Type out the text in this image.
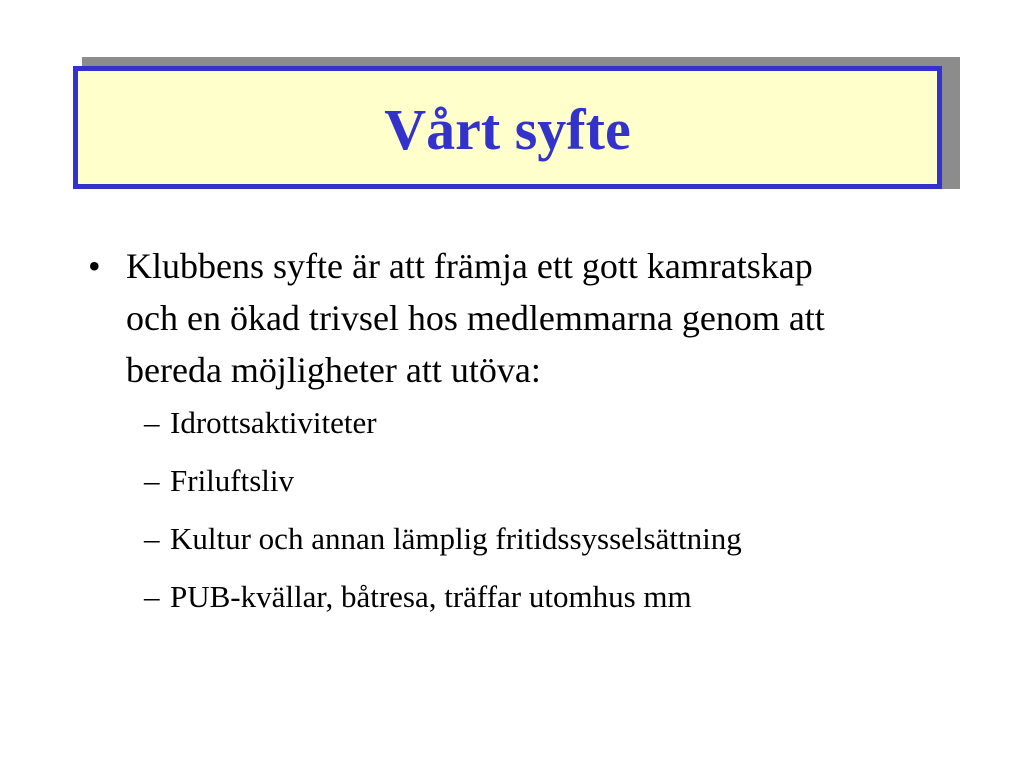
Vårt syfte
• Klubbens syfte är att främja ett gott kamratskap och en ökad trivsel hos medlemmarna genom att bereda möjligheter att utöva:
– Idrottsaktiviteter
– Friluftsliv
– Kultur och annan lämplig fritidssysselsättning
– PUB-kvällar, båtresa, träffar utomhus mm
